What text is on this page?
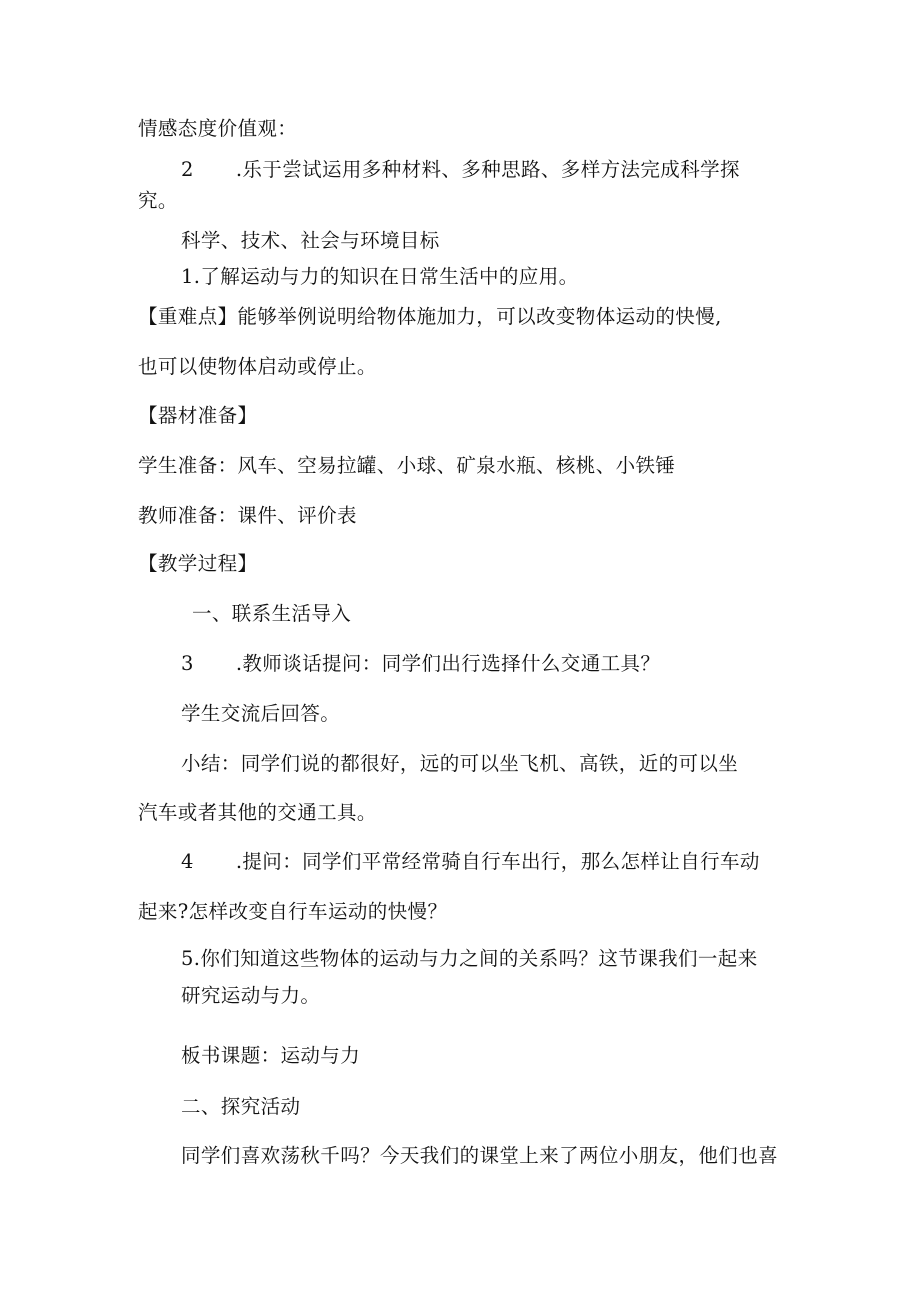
情感态度价值观：

2 .乐于尝试运用多种材料、多种思路、多样方法完成科学探

究。

科学、技术、社会与环境目标

1.了解运动与力的知识在日常生活中的应用。

【重难点】能够举例说明给物体施加力，可以改变物体运动的快慢,

也可以使物体启动或停止。

【器材准备】

学生准备：风车、空易拉罐、小球、矿泉水瓶、核桃、小铁锤

教师准备：课件、评价表

【教学过程】

一、联系生活导入

3 .教师谈话提问：同学们出行选择什么交通工具？

学生交流后回答。

小结：同学们说的都很好，远的可以坐飞机、高铁，近的可以坐

汽车或者其他的交通工具。

4 .提问：同学们平常经常骑自行车出行，那么怎样让自行车动

起来?怎样改变自行车运动的快慢？

5.你们知道这些物体的运动与力之间的关系吗？这节课我们一起来

研究运动与力。

板书课题：运动与力

二、探究活动

同学们喜欢荡秋千吗？今天我们的课堂上来了两位小朋友，他们也喜
